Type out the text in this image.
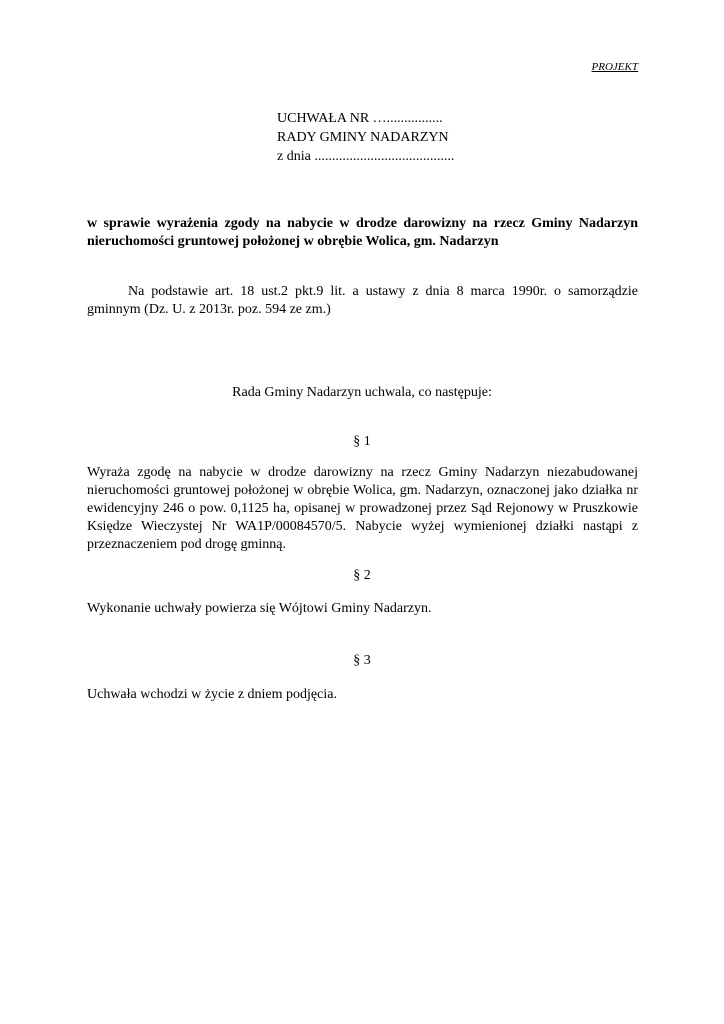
PROJEKT
UCHWAŁA NR …................
RADY GMINY NADARZYN
z dnia ........................................
w sprawie wyrażenia zgody na nabycie w drodze darowizny na rzecz Gminy Nadarzyn nieruchomości gruntowej położonej w obrębie Wolica, gm. Nadarzyn
Na podstawie art. 18 ust.2 pkt.9 lit. a ustawy z dnia 8 marca 1990r. o samorządzie gminnym (Dz. U. z 2013r. poz. 594 ze zm.)
Rada Gminy Nadarzyn uchwala, co następuje:
§ 1
Wyraża zgodę na nabycie w drodze darowizny na rzecz Gminy Nadarzyn niezabudowanej nieruchomości gruntowej położonej w obrębie Wolica, gm. Nadarzyn, oznaczonej jako działka nr ewidencyjny 246 o pow. 0,1125 ha, opisanej w prowadzonej przez Sąd Rejonowy w Pruszkowie Księdze Wieczystej Nr WA1P/00084570/5. Nabycie wyżej wymienionej działki nastąpi z przeznaczeniem pod drogę gminną.
§ 2
Wykonanie uchwały powierza się Wójtowi Gminy Nadarzyn.
§ 3
Uchwała wchodzi w życie z dniem podjęcia.
